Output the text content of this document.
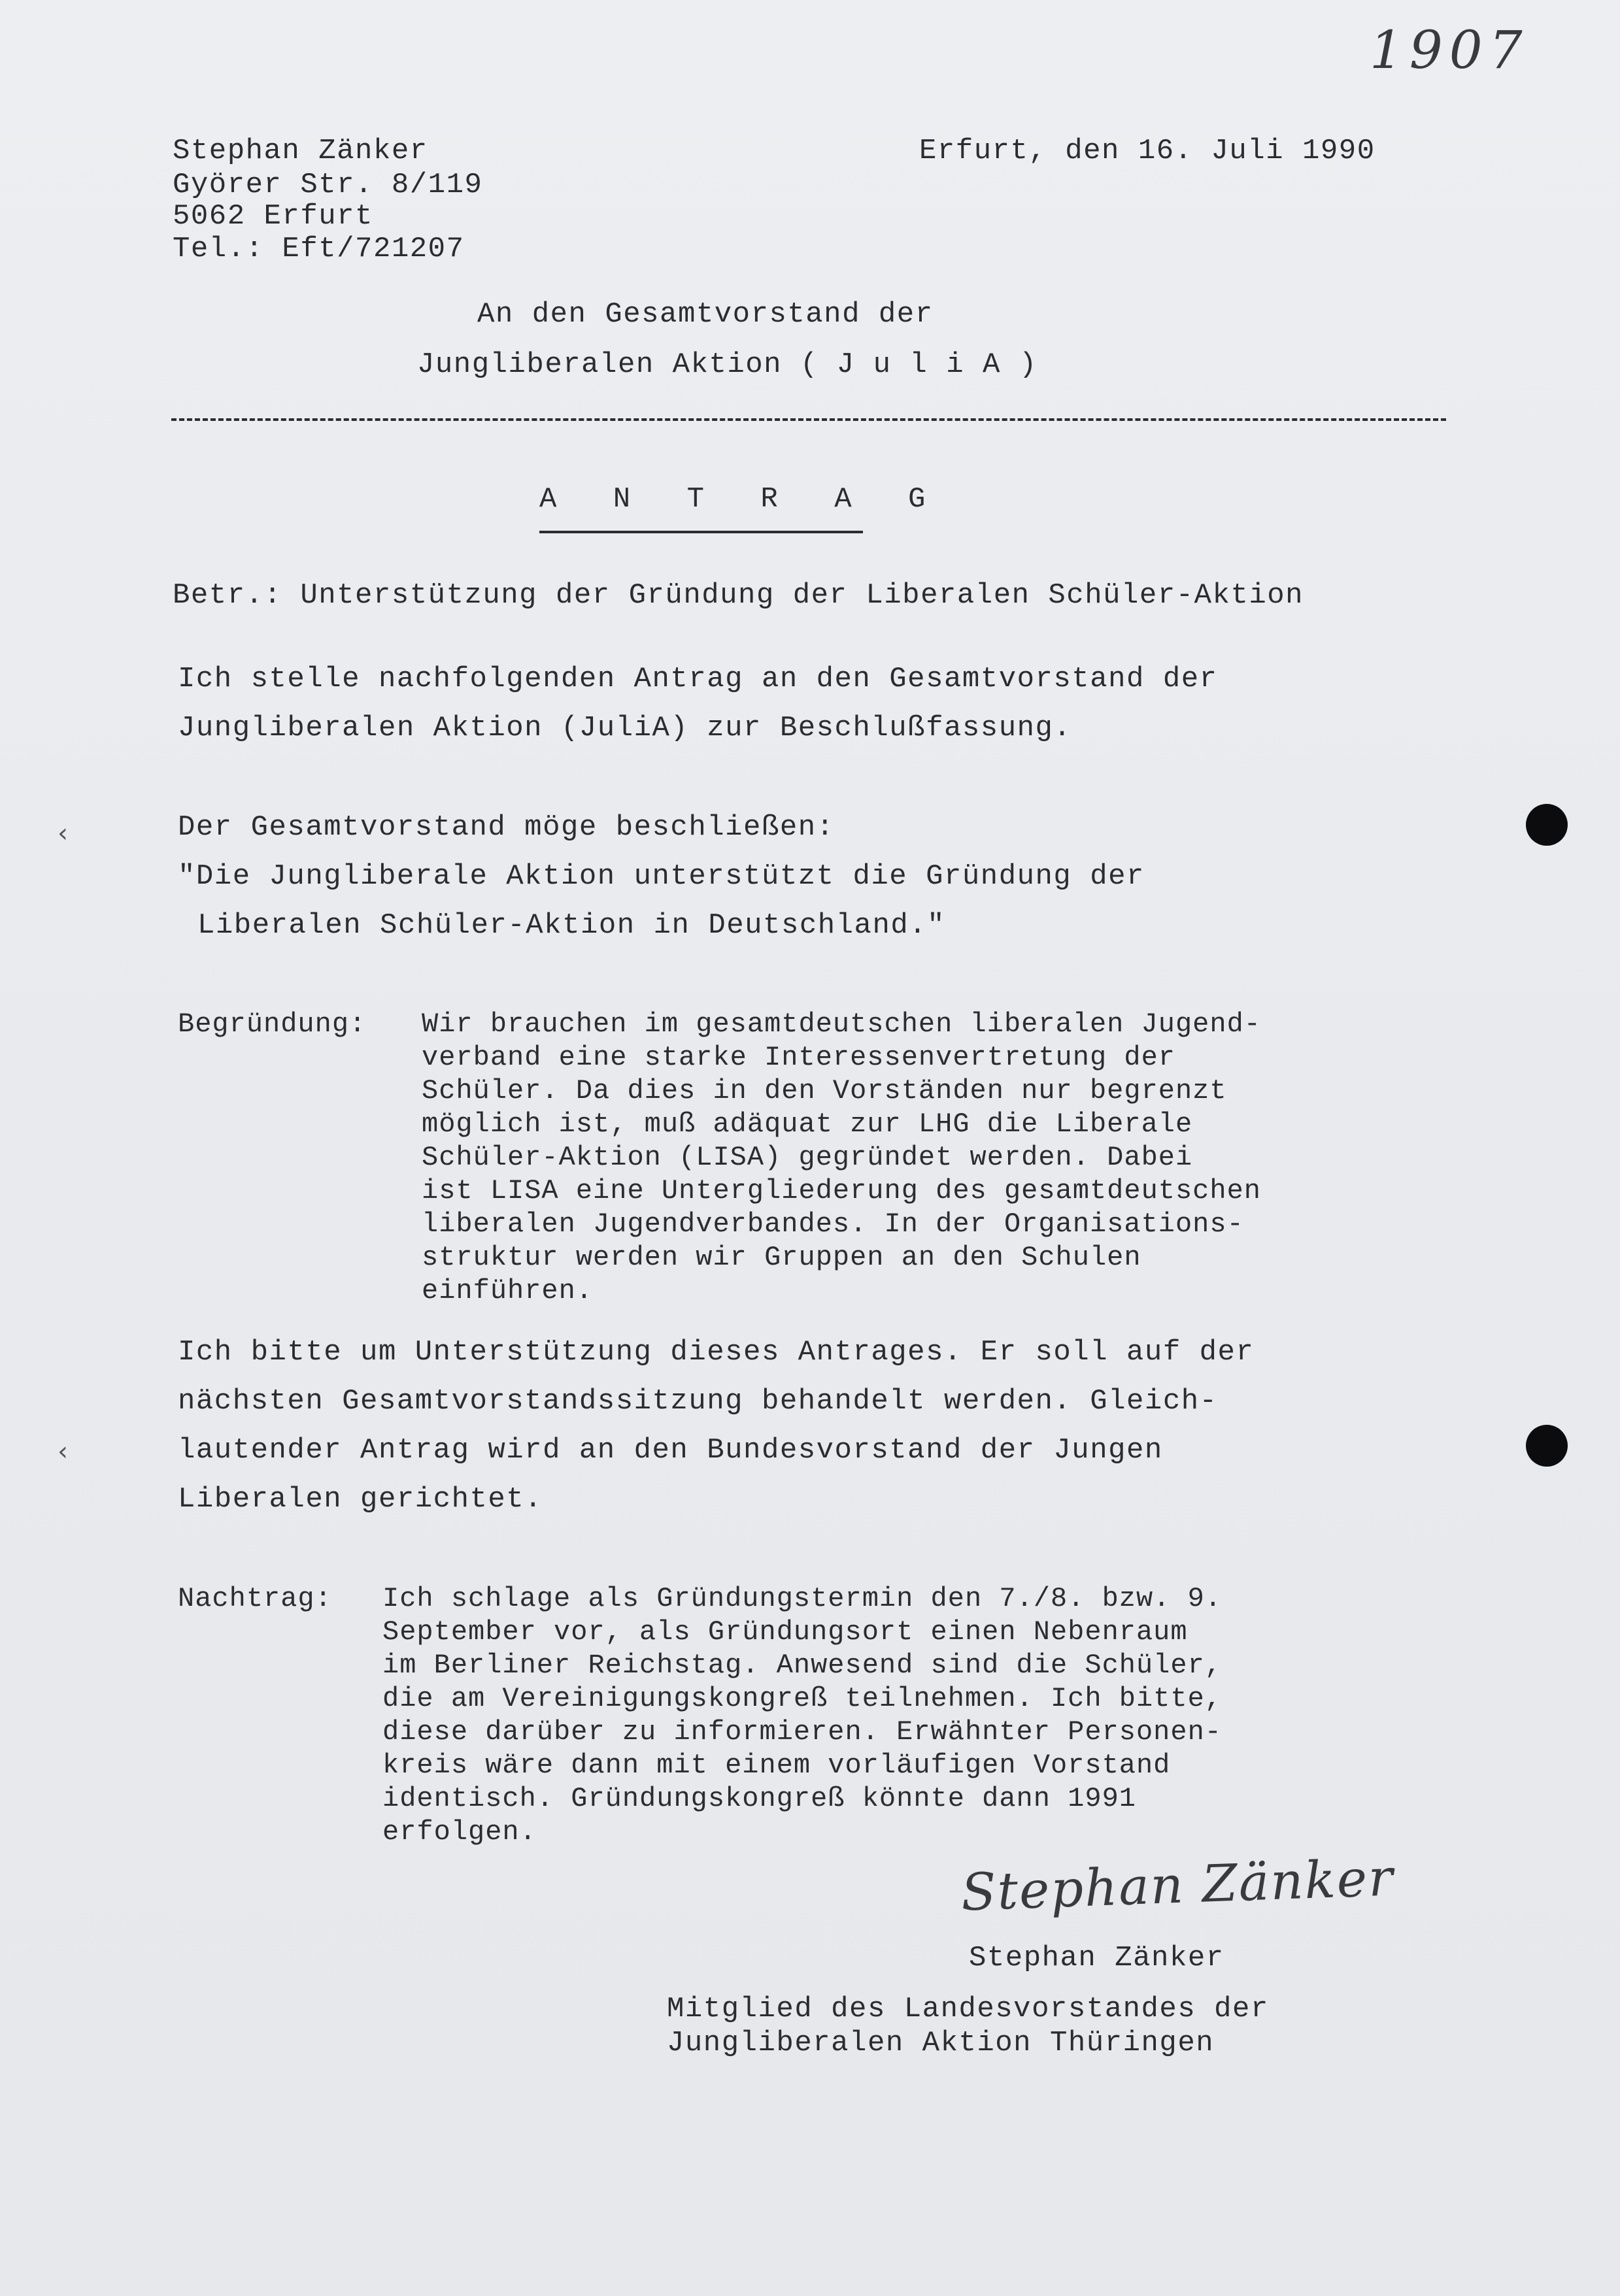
1907
Stephan Zänker
Györer Str. 8/119
5062 Erfurt
Tel.: Eft/721207
Erfurt, den 16. Juli 1990
An den Gesamtvorstand der
Jungliberalen Aktion ( J u l i A )
A N T R A G
Betr.: Unterstützung der Gründung der Liberalen Schüler-Aktion
Ich stelle nachfolgenden Antrag an den Gesamtvorstand der
Jungliberalen Aktion (JuliA) zur Beschlußfassung.
Der Gesamtvorstand möge beschließen:
"Die Jungliberale Aktion unterstützt die Gründung der
Liberalen Schüler-Aktion in Deutschland."
Begründung: Wir brauchen im gesamtdeutschen liberalen Jugend-
verband eine starke Interessenvertretung der
Schüler. Da dies in den Vorständen nur begrenzt
möglich ist, muß adäquat zur LHG die Liberale
Schüler-Aktion (LISA) gegründet werden. Dabei
ist LISA eine Untergliederung des gesamtdeutschen
liberalen Jugendverbandes. In der Organisations-
struktur werden wir Gruppen an den Schulen
einführen.
Ich bitte um Unterstützung dieses Antrages. Er soll auf der
nächsten Gesamtvorstandssitzung behandelt werden. Gleich-
lautender Antrag wird an den Bundesvorstand der Jungen
Liberalen gerichtet.
Nachtrag: Ich schlage als Gründungstermin den 7./8. bzw. 9.
September vor, als Gründungsort einen Nebenraum
im Berliner Reichstag. Anwesend sind die Schüler,
die am Vereinigungskongreß teilnehmen. Ich bitte,
diese darüber zu informieren. Erwähnter Personen-
kreis wäre dann mit einem vorläufigen Vorstand
identisch. Gründungskongreß könnte dann 1991
erfolgen.
Stephan Zänker
Stephan Zänker
Mitglied des Landesvorstandes der
Jungliberalen Aktion Thüringen
‹
‹
